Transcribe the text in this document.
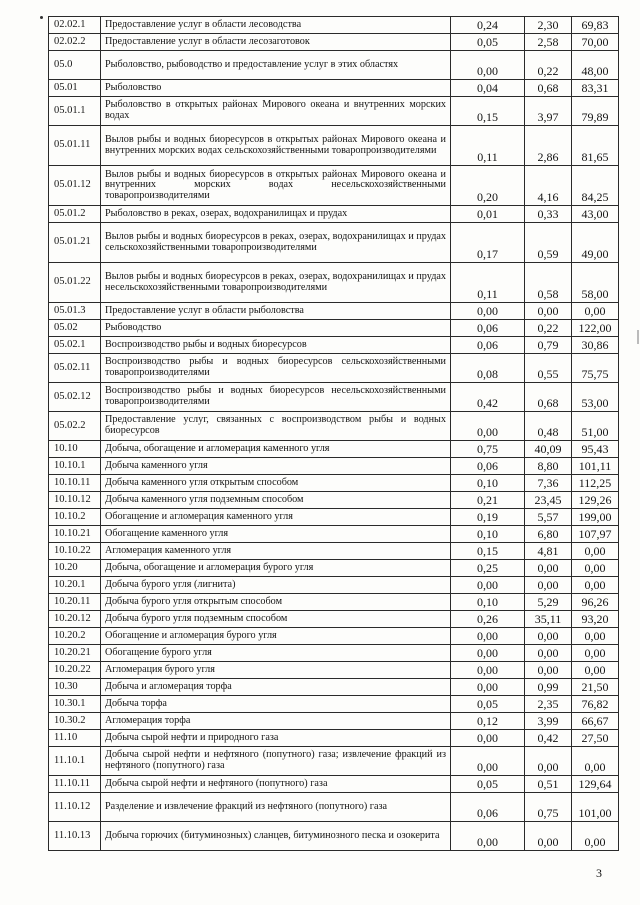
02.02.1	Предоставление услуг в области лесоводства	0,24	2,30	69,83
02.02.2	Предоставление услуг в области лесозаготовок	0,05	2,58	70,00
05.0	Рыболовство, рыбоводство и предоставление услуг в этих областях	0,00	0,22	48,00
05.01	Рыболовство	0,04	0,68	83,31
05.01.1	Рыболовство в открытых районах Мирового океана и внутренних морских водах	0,15	3,97	79,89
05.01.11	Вылов рыбы и водных биоресурсов в открытых районах Мирового океана и внутренних морских водах сельскохозяйственными товаропроизводителями	0,11	2,86	81,65
05.01.12	Вылов рыбы и водных биоресурсов в открытых районах Мирового океана и внутренних морских водах несельскохозяйственными товаропроизводителями	0,20	4,16	84,25
05.01.2	Рыболовство в реках, озерах, водохранилищах и прудах	0,01	0,33	43,00
05.01.21	Вылов рыбы и водных биоресурсов в реках, озерах, водохранилищах и прудах сельскохозяйственными товаропроизводителями	0,17	0,59	49,00
05.01.22	Вылов рыбы и водных биоресурсов в реках, озерах, водохранилищах и прудах несельскохозяйственными товаропроизводителями	0,11	0,58	58,00
05.01.3	Предоставление услуг в области рыболовства	0,00	0,00	0,00
05.02	Рыбоводство	0,06	0,22	122,00
05.02.1	Воспроизводство рыбы и водных биоресурсов	0,06	0,79	30,86
05.02.11	Воспроизводство рыбы и водных биоресурсов сельскохозяйственными товаропроизводителями	0,08	0,55	75,75
05.02.12	Воспроизводство рыбы и водных биоресурсов несельскохозяйственными товаропроизводителями	0,42	0,68	53,00
05.02.2	Предоставление услуг, связанных с воспроизводством рыбы и водных биоресурсов	0,00	0,48	51,00
10.10	Добыча, обогащение и агломерация каменного угля	0,75	40,09	95,43
10.10.1	Добыча каменного угля	0,06	8,80	101,11
10.10.11	Добыча каменного угля открытым способом	0,10	7,36	112,25
10.10.12	Добыча каменного угля подземным способом	0,21	23,45	129,26
10.10.2	Обогащение и агломерация каменного угля	0,19	5,57	199,00
10.10.21	Обогащение каменного угля	0,10	6,80	107,97
10.10.22	Агломерация каменного угля	0,15	4,81	0,00
10.20	Добыча, обогащение и агломерация бурого угля	0,25	0,00	0,00
10.20.1	Добыча бурого угля (лигнита)	0,00	0,00	0,00
10.20.11	Добыча бурого угля открытым способом	0,10	5,29	96,26
10.20.12	Добыча бурого угля подземным способом	0,26	35,11	93,20
10.20.2	Обогащение и агломерация бурого угля	0,00	0,00	0,00
10.20.21	Обогащение бурого угля	0,00	0,00	0,00
10.20.22	Агломерация бурого угля	0,00	0,00	0,00
10.30	Добыча и агломерация торфа	0,00	0,99	21,50
10.30.1	Добыча торфа	0,05	2,35	76,82
10.30.2	Агломерация торфа	0,12	3,99	66,67
11.10	Добыча сырой нефти и природного газа	0,00	0,42	27,50
11.10.1	Добыча сырой нефти и нефтяного (попутного) газа; извлечение фракций из нефтяного (попутного) газа	0,00	0,00	0,00
11.10.11	Добыча сырой нефти и нефтяного (попутного) газа	0,05	0,51	129,64
11.10.12	Разделение и извлечение фракций из нефтяного (попутного) газа	0,06	0,75	101,00
11.10.13	Добыча горючих (битуминозных) сланцев, битуминозного песка и озокерита	0,00	0,00	0,00
3
